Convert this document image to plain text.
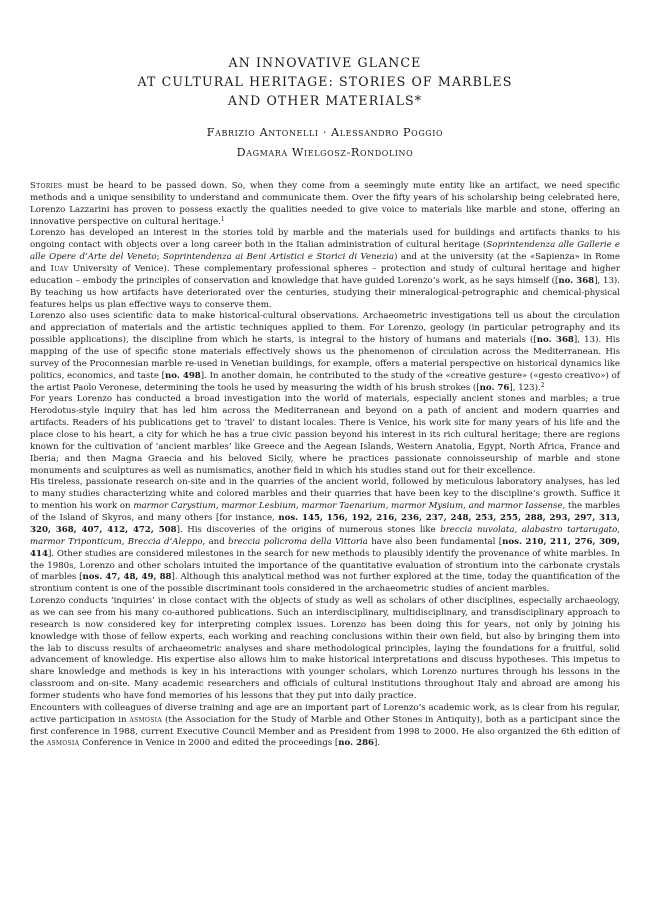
AN INNOVATIVE GLANCE
AT CULTURAL HERITAGE: STORIES OF MARBLES
AND OTHER MATERIALS*
Fabrizio Antonelli · Alessandro Poggio
Dagmara Wielgosz-Rondolino

Stories must be heard to be passed down. So, when they come from a seemingly mute entity like an artifact, we need specific methods and a unique sensibility to understand and communicate them. Over the fifty years of his scholarship being celebrated here, Lorenzo Lazzarini has proven to possess exactly the qualities needed to give voice to materials like marble and stone, offering an innovative perspective on cultural heritage.$^1$

Lorenzo has developed an interest in the stories told by marble and the materials used for buildings and artifacts thanks to his ongoing contact with objects over a long career both in the Italian administration of cultural heritage (Soprintendenza alle Gallerie e alle Opere d’Arte del Veneto; Soprintendenza ai Beni Artistici e Storici di Venezia) and at the university (at the «Sapienza» in Rome and Iuav University of Venice). These complementary professional spheres – protection and study of cultural heritage and higher education – embody the principles of conservation and knowledge that have guided Lorenzo’s work, as he says himself ([no. 368], 13). By teaching us how artifacts have deteriorated over the centuries, studying their mineralogical-petrographic and chemical-physical features helps us plan effective ways to conserve them.

Lorenzo also uses scientific data to make historical-cultural observations. Archaeometric investigations tell us about the circulation and appreciation of materials and the artistic techniques applied to them. For Lorenzo, geology (in particular petrography and its possible applications), the discipline from which he starts, is integral to the history of humans and materials ([no. 368], 13). His mapping of the use of specific stone materials effectively shows us the phenomenon of circulation across the Mediterranean. His survey of the Proconnesian marble re-used in Venetian buildings, for example, offers a material perspective on historical dynamics like politics, economics, and taste [no. 498]. In another domain, he contributed to the study of the «creative gesture» («gesto creativo») of the artist Paolo Veronese, determining the tools he used by measuring the width of his brush strokes ([no. 76], 123).$^2$

For years Lorenzo has conducted a broad investigation into the world of materials, especially ancient stones and marbles; a true Herodotus-style inquiry that has led him across the Mediterranean and beyond on a path of ancient and modern quarries and artifacts. Readers of his publications get to ‘travel’ to distant locales. There is Venice, his work site for many years of his life and the place close to his heart, a city for which he has a true civic passion beyond his interest in its rich cultural heritage; there are regions known for the cultivation of ‘ancient marbles’ like Greece and the Aegean Islands, Western Anatolia, Egypt, North Africa, France and Iberia; and then Magna Graecia and his beloved Sicily, where he practices passionate connoisseurship of marble and stone monuments and sculptures as well as numismatics, another field in which his studies stand out for their excellence.

His tireless, passionate research on-site and in the quarries of the ancient world, followed by meticulous laboratory analyses, has led to many studies characterizing white and colored marbles and their quarries that have been key to the discipline’s growth. Suffice it to mention his work on marmor Carystium, marmor Lesbium, marmor Taenarium, marmor Mysium, and marmor Iassense, the marbles of the Island of Skyros, and many others [for instance, nos. 145, 156, 192, 216, 236, 237, 248, 253, 255, 288, 293, 297, 313, 320, 368, 407, 412, 472, 508]. His discoveries of the origins of numerous stones like breccia nuvolata, alabastro tartarugato, marmor Triponticum, Breccia d’Aleppo, and breccia policroma della Vittoria have also been fundamental [nos. 210, 211, 276, 309, 414]. Other studies are considered milestones in the search for new methods to plausibly identify the provenance of white marbles. In the 1980s, Lorenzo and other scholars intuited the importance of the quantitative evaluation of strontium into the carbonate crystals of marbles [nos. 47, 48, 49, 88]. Although this analytical method was not further explored at the time, today the quantification of the strontium content is one of the possible discriminant tools considered in the archaeometric studies of ancient marbles.

Lorenzo conducts ‘inquiries’ in close contact with the objects of study as well as scholars of other disciplines, especially archaeology, as we can see from his many co-authored publications. Such an interdisciplinary, multidisciplinary, and transdisciplinary approach to research is now considered key for interpreting complex issues. Lorenzo has been doing this for years, not only by joining his knowledge with those of fellow experts, each working and reaching conclusions within their own field, but also by bringing them into the lab to discuss results of archaeometric analyses and share methodological principles, laying the foundations for a fruitful, solid advancement of knowledge. His expertise also allows him to make historical interpretations and discuss hypotheses. This impetus to share knowledge and methods is key in his interactions with younger scholars, which Lorenzo nurtures through his lessons in the classroom and on-site. Many academic researchers and officials of cultural institutions throughout Italy and abroad are among his former students who have fond memories of his lessons that they put into daily practice.

Encounters with colleagues of diverse training and age are an important part of Lorenzo’s academic work, as is clear from his regular, active participation in asmosia (the Association for the Study of Marble and Other Stones in Antiquity), both as a participant since the first conference in 1988, current Executive Council Member and as President from 1998 to 2000. He also organized the 6th edition of the asmosia Conference in Venice in 2000 and edited the proceedings [no. 286].
